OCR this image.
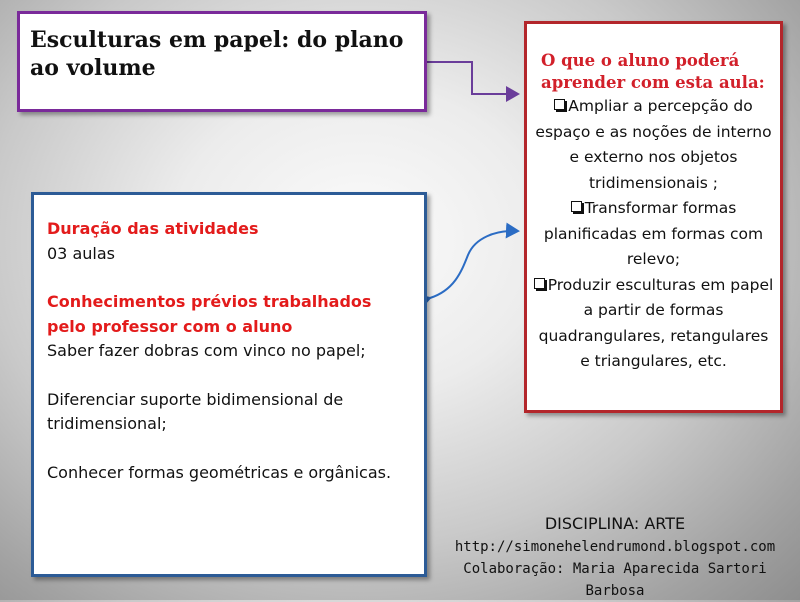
Esculturas em papel: do plano ao volume	O que o aluno poderá aprender com esta aula:
Ampliar a percepção do espaço e as noções de interno e externo nos objetos tridimensionais ;
Transformar formas planificadas em formas com relevo;
Produzir esculturas em papel a partir de formas quadrangulares, retangulares e triangulares, etc.
Duração das atividades
03 aulas
Conhecimentos prévios trabalhados pelo professor com o aluno
Saber fazer dobras com vinco no papel;
Diferenciar suporte bidimensional de tridimensional;
Conhecer formas geométricas e orgânicas.
DISCIPLINA: ARTE
http://simonehelendrumond.blogspot.com
Colaboração: Maria Aparecida Sartori Barbosa
